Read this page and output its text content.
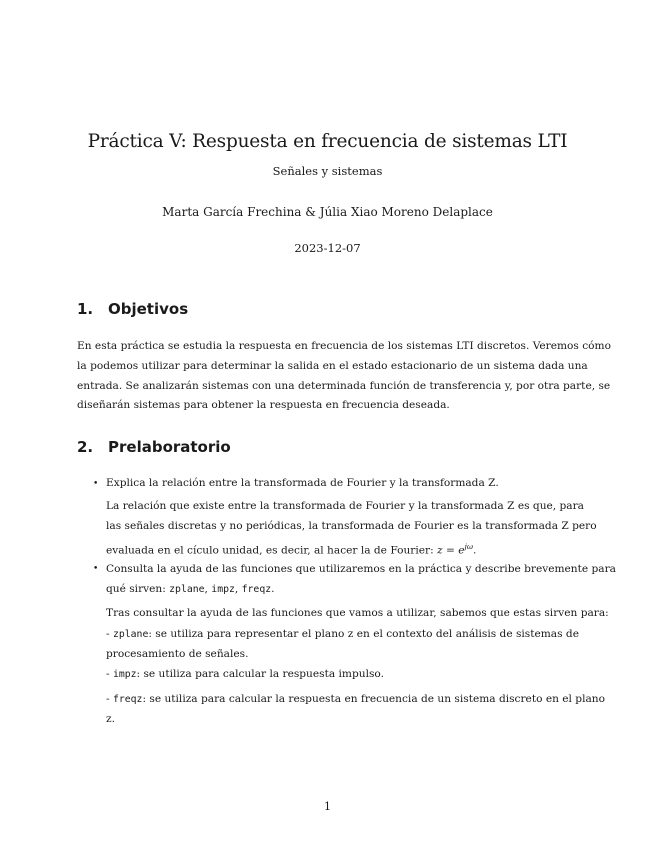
Práctica V: Respuesta en frecuencia de sistemas LTI
Señales y sistemas
Marta García Frechina & Júlia Xiao Moreno Delaplace
2023-12-07
1. Objetivos
En esta práctica se estudia la respuesta en frecuencia de los sistemas LTI discretos. Veremos cómo
la podemos utilizar para determinar la salida en el estado estacionario de un sistema dada una
entrada. Se analizarán sistemas con una determinada función de transferencia y, por otra parte, se
diseñarán sistemas para obtener la respuesta en frecuencia deseada.
2. Prelaboratorio
• Explica la relación entre la transformada de Fourier y la transformada Z.
La relación que existe entre la transformada de Fourier y la transformada Z es que, para
las señales discretas y no periódicas, la transformada de Fourier es la transformada Z pero
evaluada en el cículo unidad, es decir, al hacer la de Fourier: $z = e^{j\omega}$.
• Consulta la ayuda de las funciones que utilizaremos en la práctica y describe brevemente para
qué sirven: zplane, impz, freqz.
Tras consultar la ayuda de las funciones que vamos a utilizar, sabemos que estas sirven para:
- zplane: se utiliza para representar el plano z en el contexto del análisis de sistemas de
procesamiento de señales.
- impz: se utiliza para calcular la respuesta impulso.
- freqz: se utiliza para calcular la respuesta en frecuencia de un sistema discreto en el plano
z.
1
